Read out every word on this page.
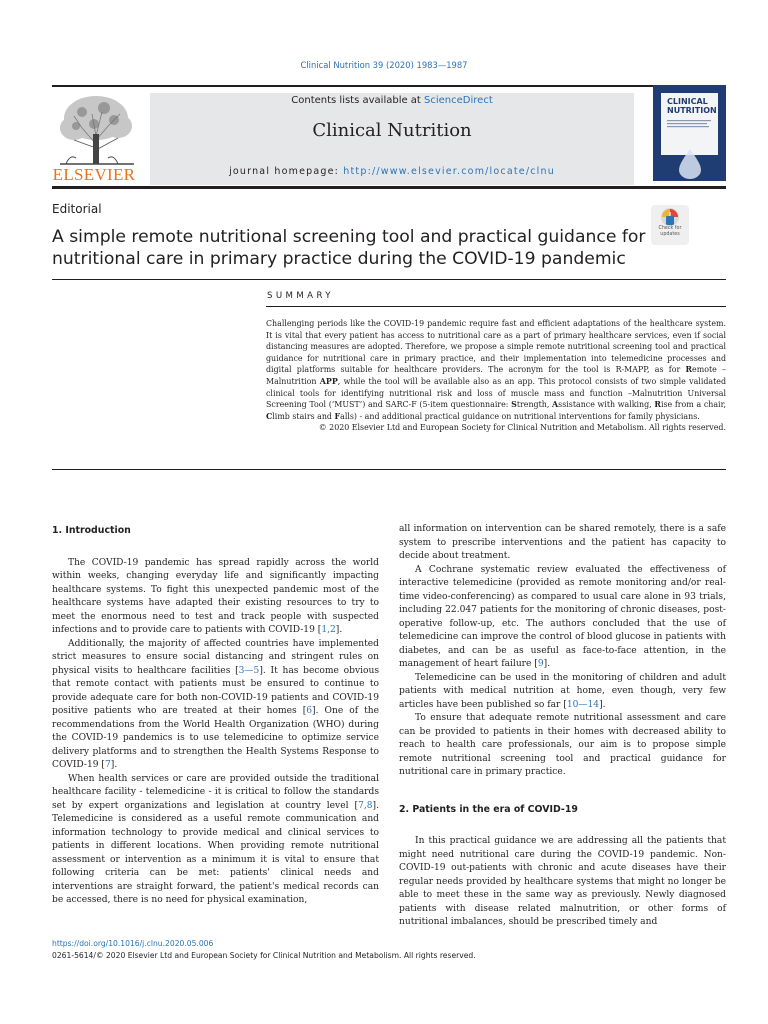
Clinical Nutrition 39 (2020) 1983—1987
ELSEVIER
Contents lists available at ScienceDirect
Clinical Nutrition
journal homepage: http://www.elsevier.com/locate/clnu
CLINICAL
NUTRITION
Editorial
A simple remote nutritional screening tool and practical guidance for nutritional care in primary practice during the COVID-19 pandemic
Check for
updates
SUMMARY
Challenging periods like the COVID-19 pandemic require fast and efficient adaptations of the healthcare system. It is vital that every patient has access to nutritional care as a part of primary healthcare services, even if social distancing measures are adopted. Therefore, we propose a simple remote nutritional screening tool and practical guidance for nutritional care in primary practice, and their implementation into telemedicine processes and digital platforms suitable for healthcare providers. The acronym for the tool is R-MAPP, as for Remote – Malnutrition APP, while the tool will be available also as an app. This protocol consists of two simple validated clinical tools for identifying nutritional risk and loss of muscle mass and function –Malnutrition Universal Screening Tool (‘MUST’) and SARC-F (5-item questionnaire: Strength, Assistance with walking, Rise from a chair, Climb stairs and Falls) - and additional practical guidance on nutritional interventions for family physicians.
© 2020 Elsevier Ltd and European Society for Clinical Nutrition and Metabolism. All rights reserved.
1. Introduction

The COVID-19 pandemic has spread rapidly across the world within weeks, changing everyday life and significantly impacting healthcare systems. To fight this unexpected pandemic most of the healthcare systems have adapted their existing resources to try to meet the enormous need to test and track people with suspected infections and to provide care to patients with COVID-19 [1,2].

Additionally, the majority of affected countries have implemented strict measures to ensure social distancing and stringent rules on physical visits to healthcare facilities [3—5]. It has become obvious that remote contact with patients must be ensured to continue to provide adequate care for both non-COVID-19 patients and COVID-19 positive patients who are treated at their homes [6]. One of the recommendations from the World Health Organization (WHO) during the COVID-19 pandemics is to use telemedicine to optimize service delivery platforms and to strengthen the Health Systems Response to COVID-19 [7].

When health services or care are provided outside the traditional healthcare facility - telemedicine - it is critical to follow the standards set by expert organizations and legislation at country level [7,8]. Telemedicine is considered as a useful remote communication and information technology to provide medical and clinical services to patients in different locations. When providing remote nutritional assessment or intervention as a minimum it is vital to ensure that following criteria can be met: patients' clinical needs and interventions are straight forward, the patient's medical records can be accessed, there is no need for physical examination,

all information on intervention can be shared remotely, there is a safe system to prescribe interventions and the patient has capacity to decide about treatment.

A Cochrane systematic review evaluated the effectiveness of interactive telemedicine (provided as remote monitoring and/or real-time video-conferencing) as compared to usual care alone in 93 trials, including 22.047 patients for the monitoring of chronic diseases, post-operative follow-up, etc. The authors concluded that the use of telemedicine can improve the control of blood glucose in patients with diabetes, and can be as useful as face-to-face attention, in the management of heart failure [9].

Telemedicine can be used in the monitoring of children and adult patients with medical nutrition at home, even though, very few articles have been published so far [10—14].

To ensure that adequate remote nutritional assessment and care can be provided to patients in their homes with decreased ability to reach to health care professionals, our aim is to propose simple remote nutritional screening tool and practical guidance for nutritional care in primary practice.

2. Patients in the era of COVID-19

In this practical guidance we are addressing all the patients that might need nutritional care during the COVID-19 pandemic. Non-COVID-19 out-patients with chronic and acute diseases have their regular needs provided by healthcare systems that might no longer be able to meet these in the same way as previously. Newly diagnosed patients with disease related malnutrition, or other forms of nutritional imbalances, should be prescribed timely and

https://doi.org/10.1016/j.clnu.2020.05.006
0261-5614/© 2020 Elsevier Ltd and European Society for Clinical Nutrition and Metabolism. All rights reserved.
